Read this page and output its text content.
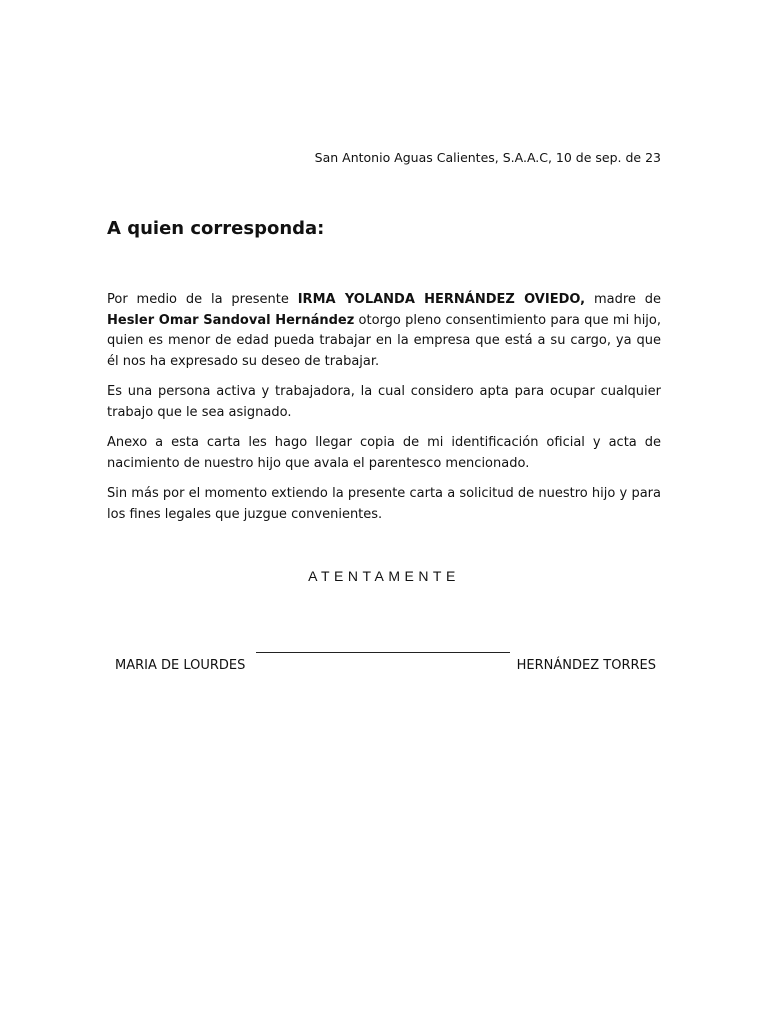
San Antonio Aguas Calientes, S.A.A.C, 10 de sep. de 23
A quien corresponda:

Por medio de la presente IRMA YOLANDA HERNÁNDEZ OVIEDO, madre de Hesler Omar Sandoval Hernández otorgo pleno consentimiento para que mi hijo, quien es menor de edad pueda trabajar en la empresa que está a su cargo, ya que él nos ha expresado su deseo de trabajar.

Es una persona activa y trabajadora, la cual considero apta para ocupar cualquier trabajo que le sea asignado.

Anexo a esta carta les hago llegar copia de mi identificación oficial y acta de nacimiento de nuestro hijo que avala el parentesco mencionado.

Sin más por el momento extiendo la presente carta a solicitud de nuestro hijo y para los fines legales que juzgue convenientes.

ATENTAMENTE
MARIA DE LOURDES	HERNÁNDEZ TORRES
